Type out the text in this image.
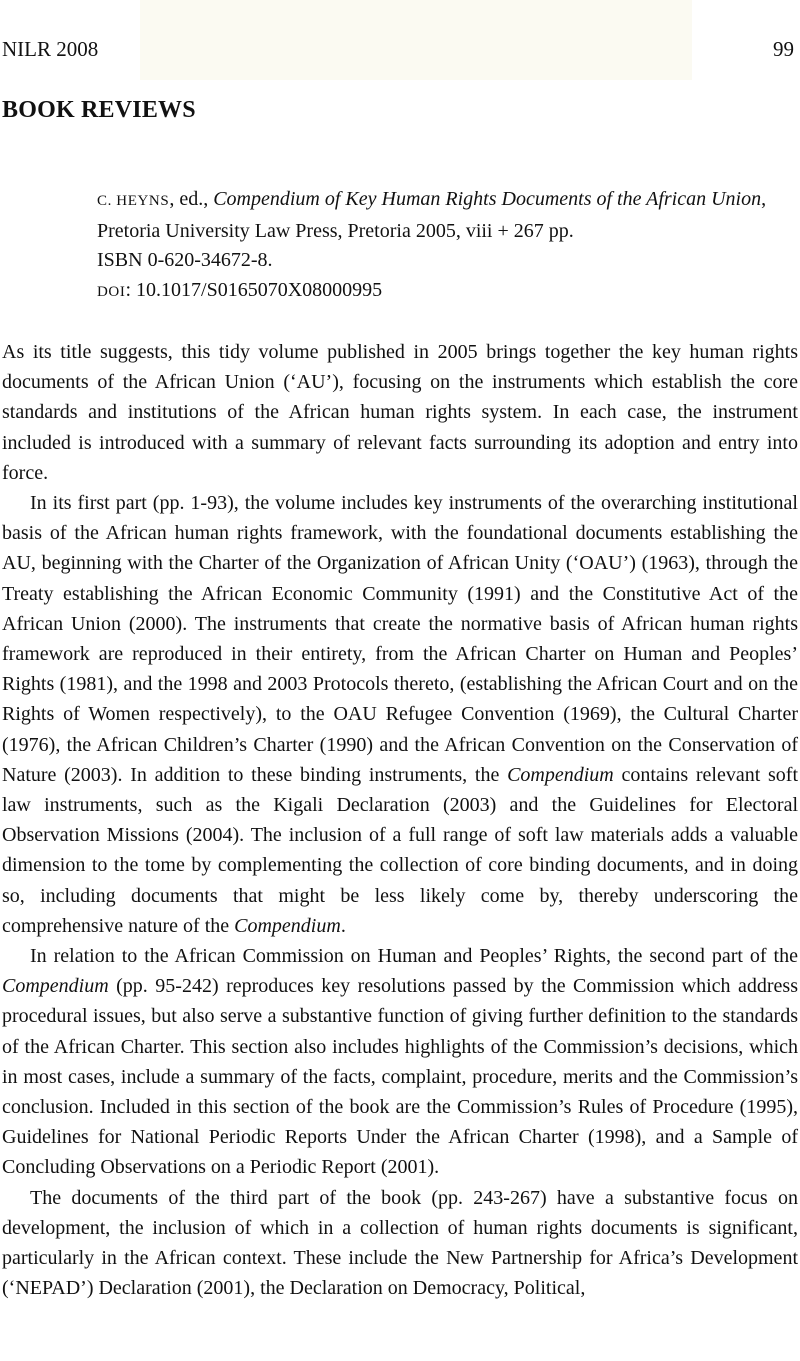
NILR 2008	99
BOOK REVIEWS
C. HEYNS, ed., Compendium of Key Human Rights Documents of the African Union, Pretoria University Law Press, Pretoria 2005, viii + 267 pp.
ISBN 0-620-34672-8.
DOI: 10.1017/S0165070X08000995

As its title suggests, this tidy volume published in 2005 brings together the key human rights documents of the African Union (‘AU’), focusing on the instruments which establish the core standards and institutions of the African human rights system. In each case, the instrument included is introduced with a summary of relevant facts surrounding its adoption and entry into force.

In its first part (pp. 1-93), the volume includes key instruments of the overarching institutional basis of the African human rights framework, with the foundational documents establishing the AU, beginning with the Charter of the Organization of African Unity (‘OAU’) (1963), through the Treaty establishing the African Economic Community (1991) and the Constitutive Act of the African Union (2000). The instruments that create the normative basis of African human rights framework are reproduced in their entirety, from the African Charter on Human and Peoples’ Rights (1981), and the 1998 and 2003 Protocols thereto, (establishing the African Court and on the Rights of Women respectively), to the OAU Refugee Convention (1969), the Cultural Charter (1976), the African Children’s Charter (1990) and the African Convention on the Conservation of Nature (2003). In addition to these binding instruments, the Compendium contains relevant soft law instruments, such as the Kigali Declaration (2003) and the Guidelines for Electoral Observation Missions (2004). The inclusion of a full range of soft law materials adds a valuable dimension to the tome by complementing the collection of core binding documents, and in doing so, including documents that might be less likely come by, thereby underscoring the comprehensive nature of the Compendium.

In relation to the African Commission on Human and Peoples’ Rights, the second part of the Compendium (pp. 95-242) reproduces key resolutions passed by the Commission which address procedural issues, but also serve a substantive function of giving further definition to the standards of the African Charter. This section also includes highlights of the Commission’s decisions, which in most cases, include a summary of the facts, complaint, procedure, merits and the Commission’s conclusion. Included in this section of the book are the Commission’s Rules of Procedure (1995), Guidelines for National Periodic Reports Under the African Charter (1998), and a Sample of Concluding Observations on a Periodic Report (2001).

The documents of the third part of the book (pp. 243-267) have a substantive focus on development, the inclusion of which in a collection of human rights documents is significant, particularly in the African context. These include the New Partnership for Africa’s Development (‘NEPAD’) Declaration (2001), the Declaration on Democracy, Political,
